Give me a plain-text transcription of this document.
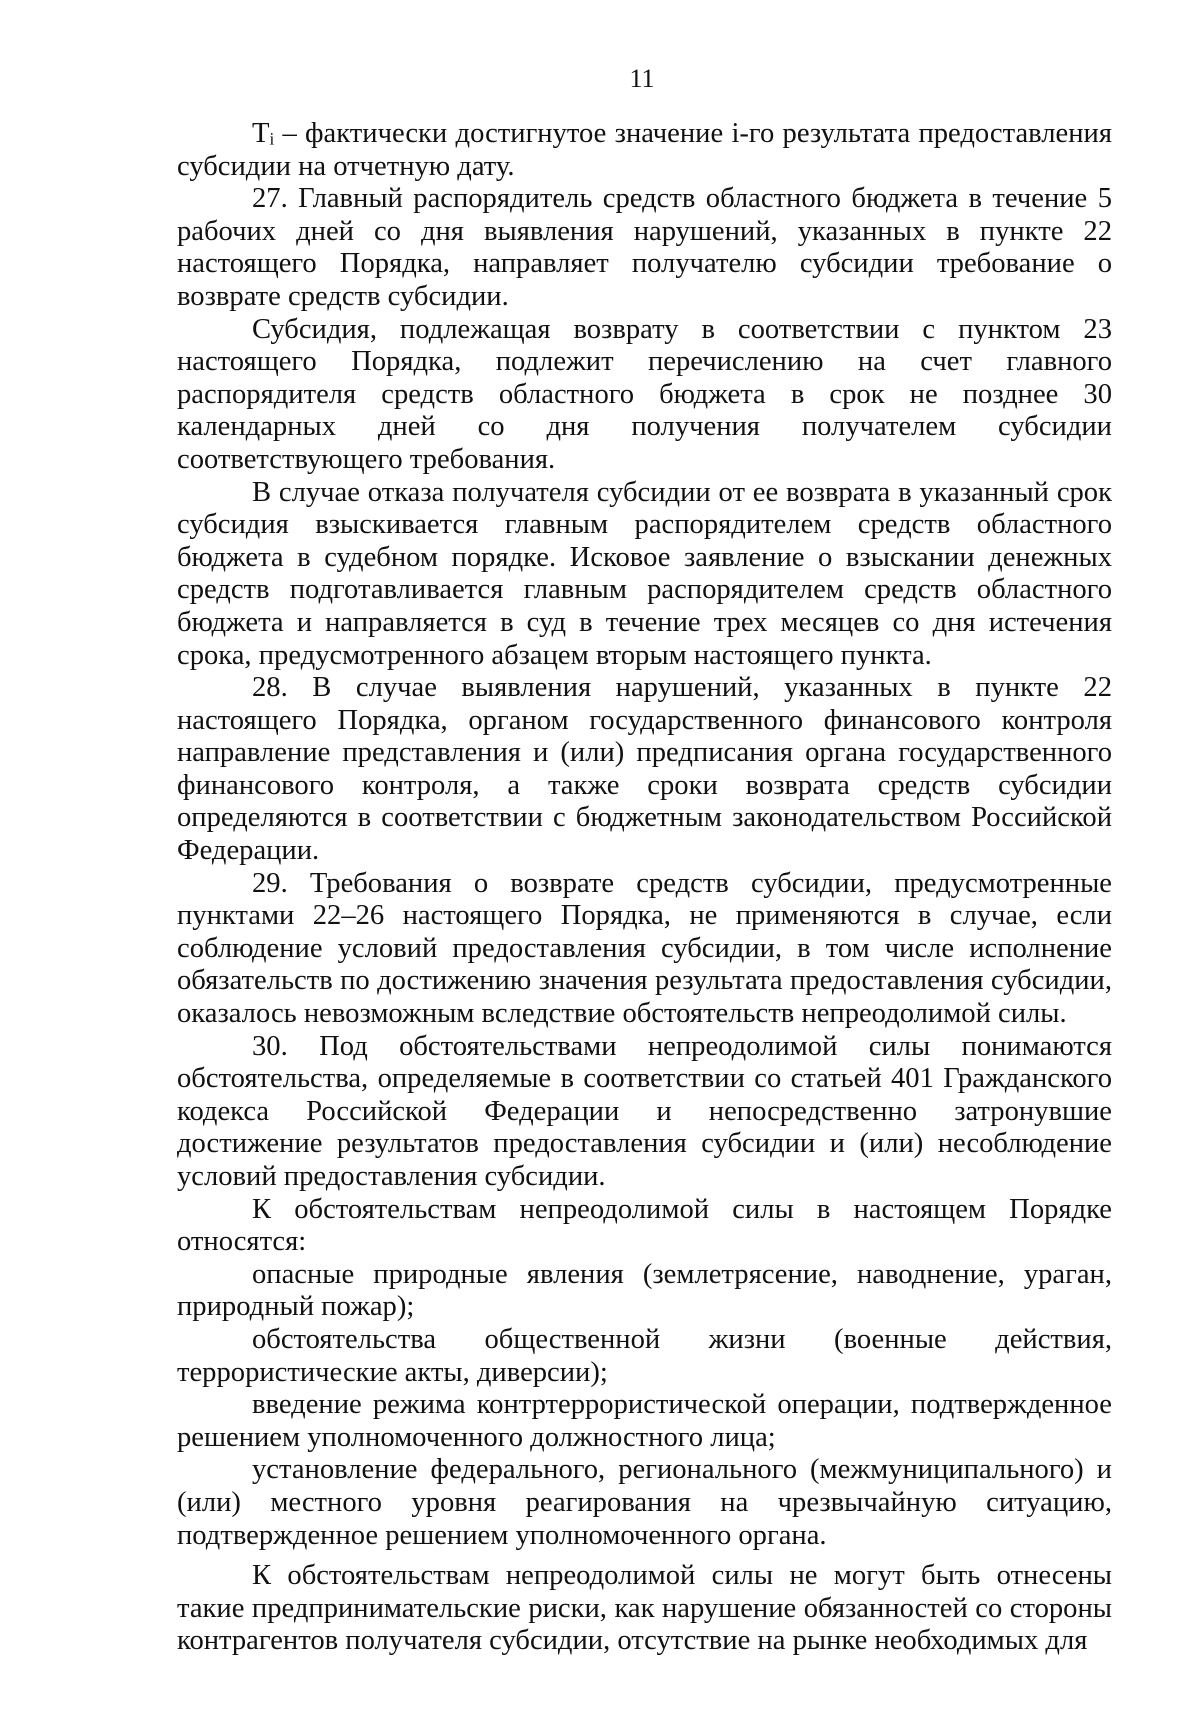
11

Tᵢ – фактически достигнутое значение i-го результата предоставления субсидии на отчетную дату.

27. Главный распорядитель средств областного бюджета в течение 5 рабочих дней со дня выявления нарушений, указанных в пункте 22 настоящего Порядка, направляет получателю субсидии требование о возврате средств субсидии.

Субсидия, подлежащая возврату в соответствии с пунктом 23 настоящего Порядка, подлежит перечислению на счет главного распорядителя средств областного бюджета в срок не позднее 30 календарных дней со дня получения получателем субсидии соответствующего требования.

В случае отказа получателя субсидии от ее возврата в указанный срок субсидия взыскивается главным распорядителем средств областного бюджета в судебном порядке. Исковое заявление о взыскании денежных средств подготавливается главным распорядителем средств областного бюджета и направляется в суд в течение трех месяцев со дня истечения срока, предусмотренного абзацем вторым настоящего пункта.

28. В случае выявления нарушений, указанных в пункте 22 настоящего Порядка, органом государственного финансового контроля направление представления и (или) предписания органа государственного финансового контроля, а также сроки возврата средств субсидии определяются в соответствии с бюджетным законодательством Российской Федерации.

29. Требования о возврате средств субсидии, предусмотренные пунктами 22–26 настоящего Порядка, не применяются в случае, если соблюдение условий предоставления субсидии, в том числе исполнение обязательств по достижению значения результата предоставления субсидии, оказалось невозможным вследствие обстоятельств непреодолимой силы.

30. Под обстоятельствами непреодолимой силы понимаются обстоятельства, определяемые в соответствии со статьей 401 Гражданского кодекса Российской Федерации и непосредственно затронувшие достижение результатов предоставления субсидии и (или) несоблюдение условий предоставления субсидии.

К обстоятельствам непреодолимой силы в настоящем Порядке относятся:

опасные природные явления (землетрясение, наводнение, ураган, природный пожар);

обстоятельства общественной жизни (военные действия, террористические акты, диверсии);

введение режима контртеррористической операции, подтвержденное решением уполномоченного должностного лица;

установление федерального, регионального (межмуниципального) и (или) местного уровня реагирования на чрезвычайную ситуацию, подтвержденное решением уполномоченного органа.

К обстоятельствам непреодолимой силы не могут быть отнесены такие предпринимательские риски, как нарушение обязанностей со стороны контрагентов получателя субсидии, отсутствие на рынке необходимых для
